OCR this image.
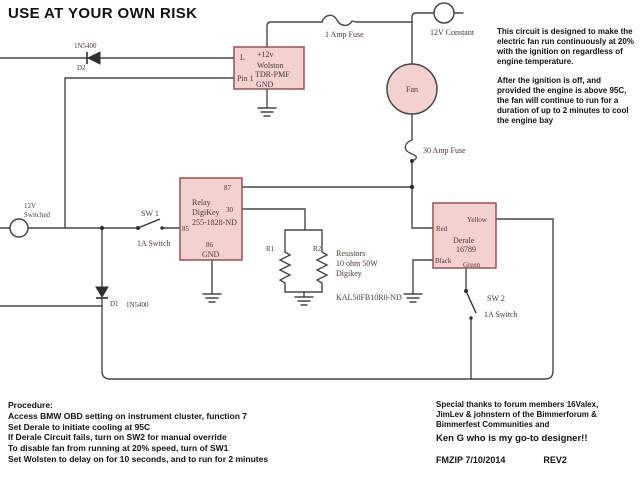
L +12v
Wolston
TDR-PMF
Pin 1
GND
87
Relay
DigiKey
255-1828-ND
30
85
86
GND
Yellow
Red
Derale
16789
Black Green
12V Constant
12V
Switched
Fan
1 Amp Fuse
30 Amp Fuse
SW 1
1A Switch
SW 2
1A Switch
1N5400
D2
D1 1N5400
R1	R2 Resistors
10 ohm 50W
Digikey
KAL50FB10R0-ND
USE AT YOUR OWN RISK
This circuit is designed to make the electric fan run continuously at 20% with the ignition on regardless of engine temperature.
After the ignition is off, and provided the engine is above 95C, the fan will continue to run for a duration of up to 2 minutes to cool the engine bay
Procedure:
Access BMW OBD setting on instrument cluster, function 7
Set Derale to initiate cooling at 95C
If Derale Circuit fails, turn on SW2 for manual override
To disable fan from running at 20% speed, turn of SW1
Set Wolsten to delay on for 10 seconds, and to run for 2 minutes
Special thanks to forum members 16Valex, JimLev & johnstern of the Bimmerforum & Bimmerfest Communities and
Ken G who is my go-to designer!!
FMZIP 7/10/2014	REV2
